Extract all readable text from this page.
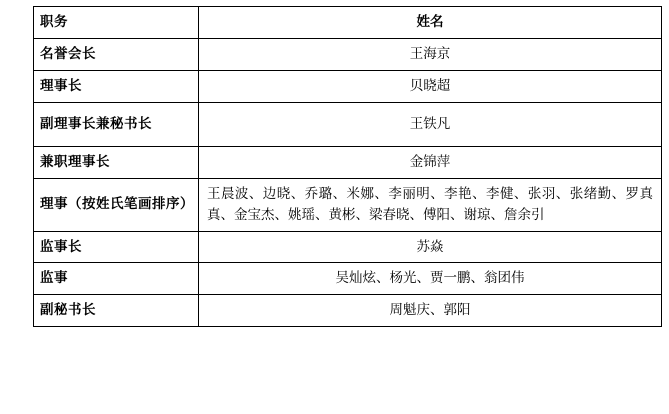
职务	姓名
名誉会长	王海京
理事长	贝晓超
副理事长兼秘书长	王铁凡
兼职理事长	金锦萍
理事（按姓氏笔画排序）	王晨波、边晓、乔璐、米娜、李丽明、李艳、李健、张羽、张绪勤、罗真真、金宝杰、姚瑶、黄彬、梁春晓、傅阳、谢琼、詹余引
监事长	苏焱
监事	吴灿炫、杨光、贾一鹏、翁团伟
副秘书长	周魁庆、郭阳
